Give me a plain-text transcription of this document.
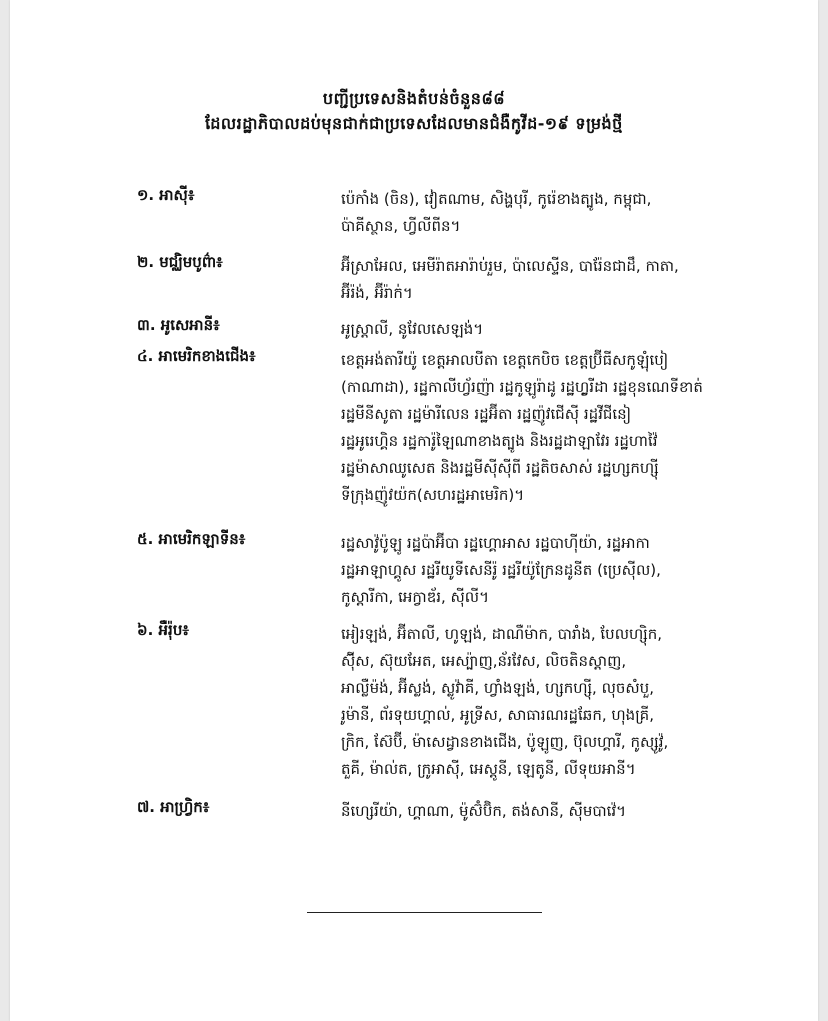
បញ្ជីប្រទេសនិងតំបន់ចំនួន៨៨
ដែលរដ្ឋាភិបាលដប់មុនជាក់ជាប្រទេសដែលមានជំងឺកូវីដ-១៩ ទម្រង់ថ្មី
១. អាស៊ី៖	ប៉េកាំង (ចិន), វៀតណាម, សិង្ហបុរី, កូរ៉េខាងត្បូង, កម្ពុជា,
ប៉ាគីស្ថាន, ហ្វីលីពីន។
២. មជ្ឈិមបូព៌ា៖	អ៊ីស្រាអែល, អេមីរ៉ាតអារ៉ាប់រួម, ប៉ាលេស្ទីន, បារ៉ែនជាដឹ, កាតា,
អ៊ីរ៉ង់, អ៊ីរ៉ាក់។
៣. អូសេអានី៖	អូស្ត្រាលី, នូវែលសេឡង់។
៤. អាមេរិកខាងជើង៖	ខេត្តអង់តារីយ៉ូ ខេត្តអាលបីតា ខេត្តកេបិច ខេត្តប្រ៊ីធីសកូឡុំបៀ
(កាណាដា), រដ្ឋកាលីហ្វ័រញ៉ា រដ្ឋកូឡូរ៉ាដូ រដ្ឋហ្វ្លរីដា រដ្ឋខុនណេទីខាត់
រដ្ឋមីនីសូតា រដ្ឋម៉ារីលេន រដ្ឋអ៊ីតា រដ្ឋញ៉ូវជើស៊ី រដ្ឋវីជីនៀ
រដ្ឋអូរេហ្គិន រដ្ឋការ៉ូឡៃណាខាងត្បូង និងរដ្ឋដាឡាវែរ រដ្ឋហាវ៉ៃ
រដ្ឋម៉ាសាឈូសេត និងរដ្ឋមីស៊ីស៊ីពី រដ្ឋតិចសាស់ រដ្ឋហ្សកហ្ស៊ី
ទីក្រុងញ៉ូវយ៉ក(សហរដ្ឋអាមេរិក)។
៥. អាមេរិកឡាទីន៖	រដ្ឋសាវ៉ូប៉ូឡូ រដ្ឋប៉ាអ៊ីបា រដ្ឋហ្គោអាស រដ្ឋបាហ៊ីយ៉ា, រដ្ឋអាកា
រដ្ឋអាឡាហ្គូស រដ្ឋរីយូទីសេនីរ៉ូ រដ្ឋរីយ៉ូក្រែនដូនីត (ប្រេស៊ីល),
កូស្តារីកា, អេក្វាឌ័រ, ស៊ីលី។
៦. អឺរ៉ុប៖	អៀរឡង់, អ៊ីតាលី, ហូឡង់, ដាណឺម៉ាក, បារាំង, បែលហ្ស៊ិក,
ស៊ុីស, ស៊ុយអែត, អេស្ប៉ាញ,ន័រវែស, លិចតិនស្តាញ,
អាល្លឺម៉ង់, អ៊ីស្លង់, ស្លូវ៉ាគី, ហ្វាំងឡង់, ហ្សកហ្ស៊ី, លុចសំបួ,
រូម៉ានី, ព័រទុយហ្គាល់, អូទ្រីស, សាធារណរដ្ឋឆែក, ហុងគ្រី,
ក្រិក, ស៊ែប៊ី, ម៉ាសេដ្វានខាងជើង, ប៉ូឡូញ, ប៊ុលហ្គារី, កូស្សូវ៉ូ,
តួគី, ម៉ាល់ត, ក្រូអាស៊ី, អេស្តូនី, ឡេតូនី, លីទុយអានី។
៧. អាហ្វ្រិក៖	នីហ្សេរីយ៉ា, ហ្គាណា, ម៉ូស៊ំប៊ិក, តង់សានី, ស៊ីមបាវ៉េ។
